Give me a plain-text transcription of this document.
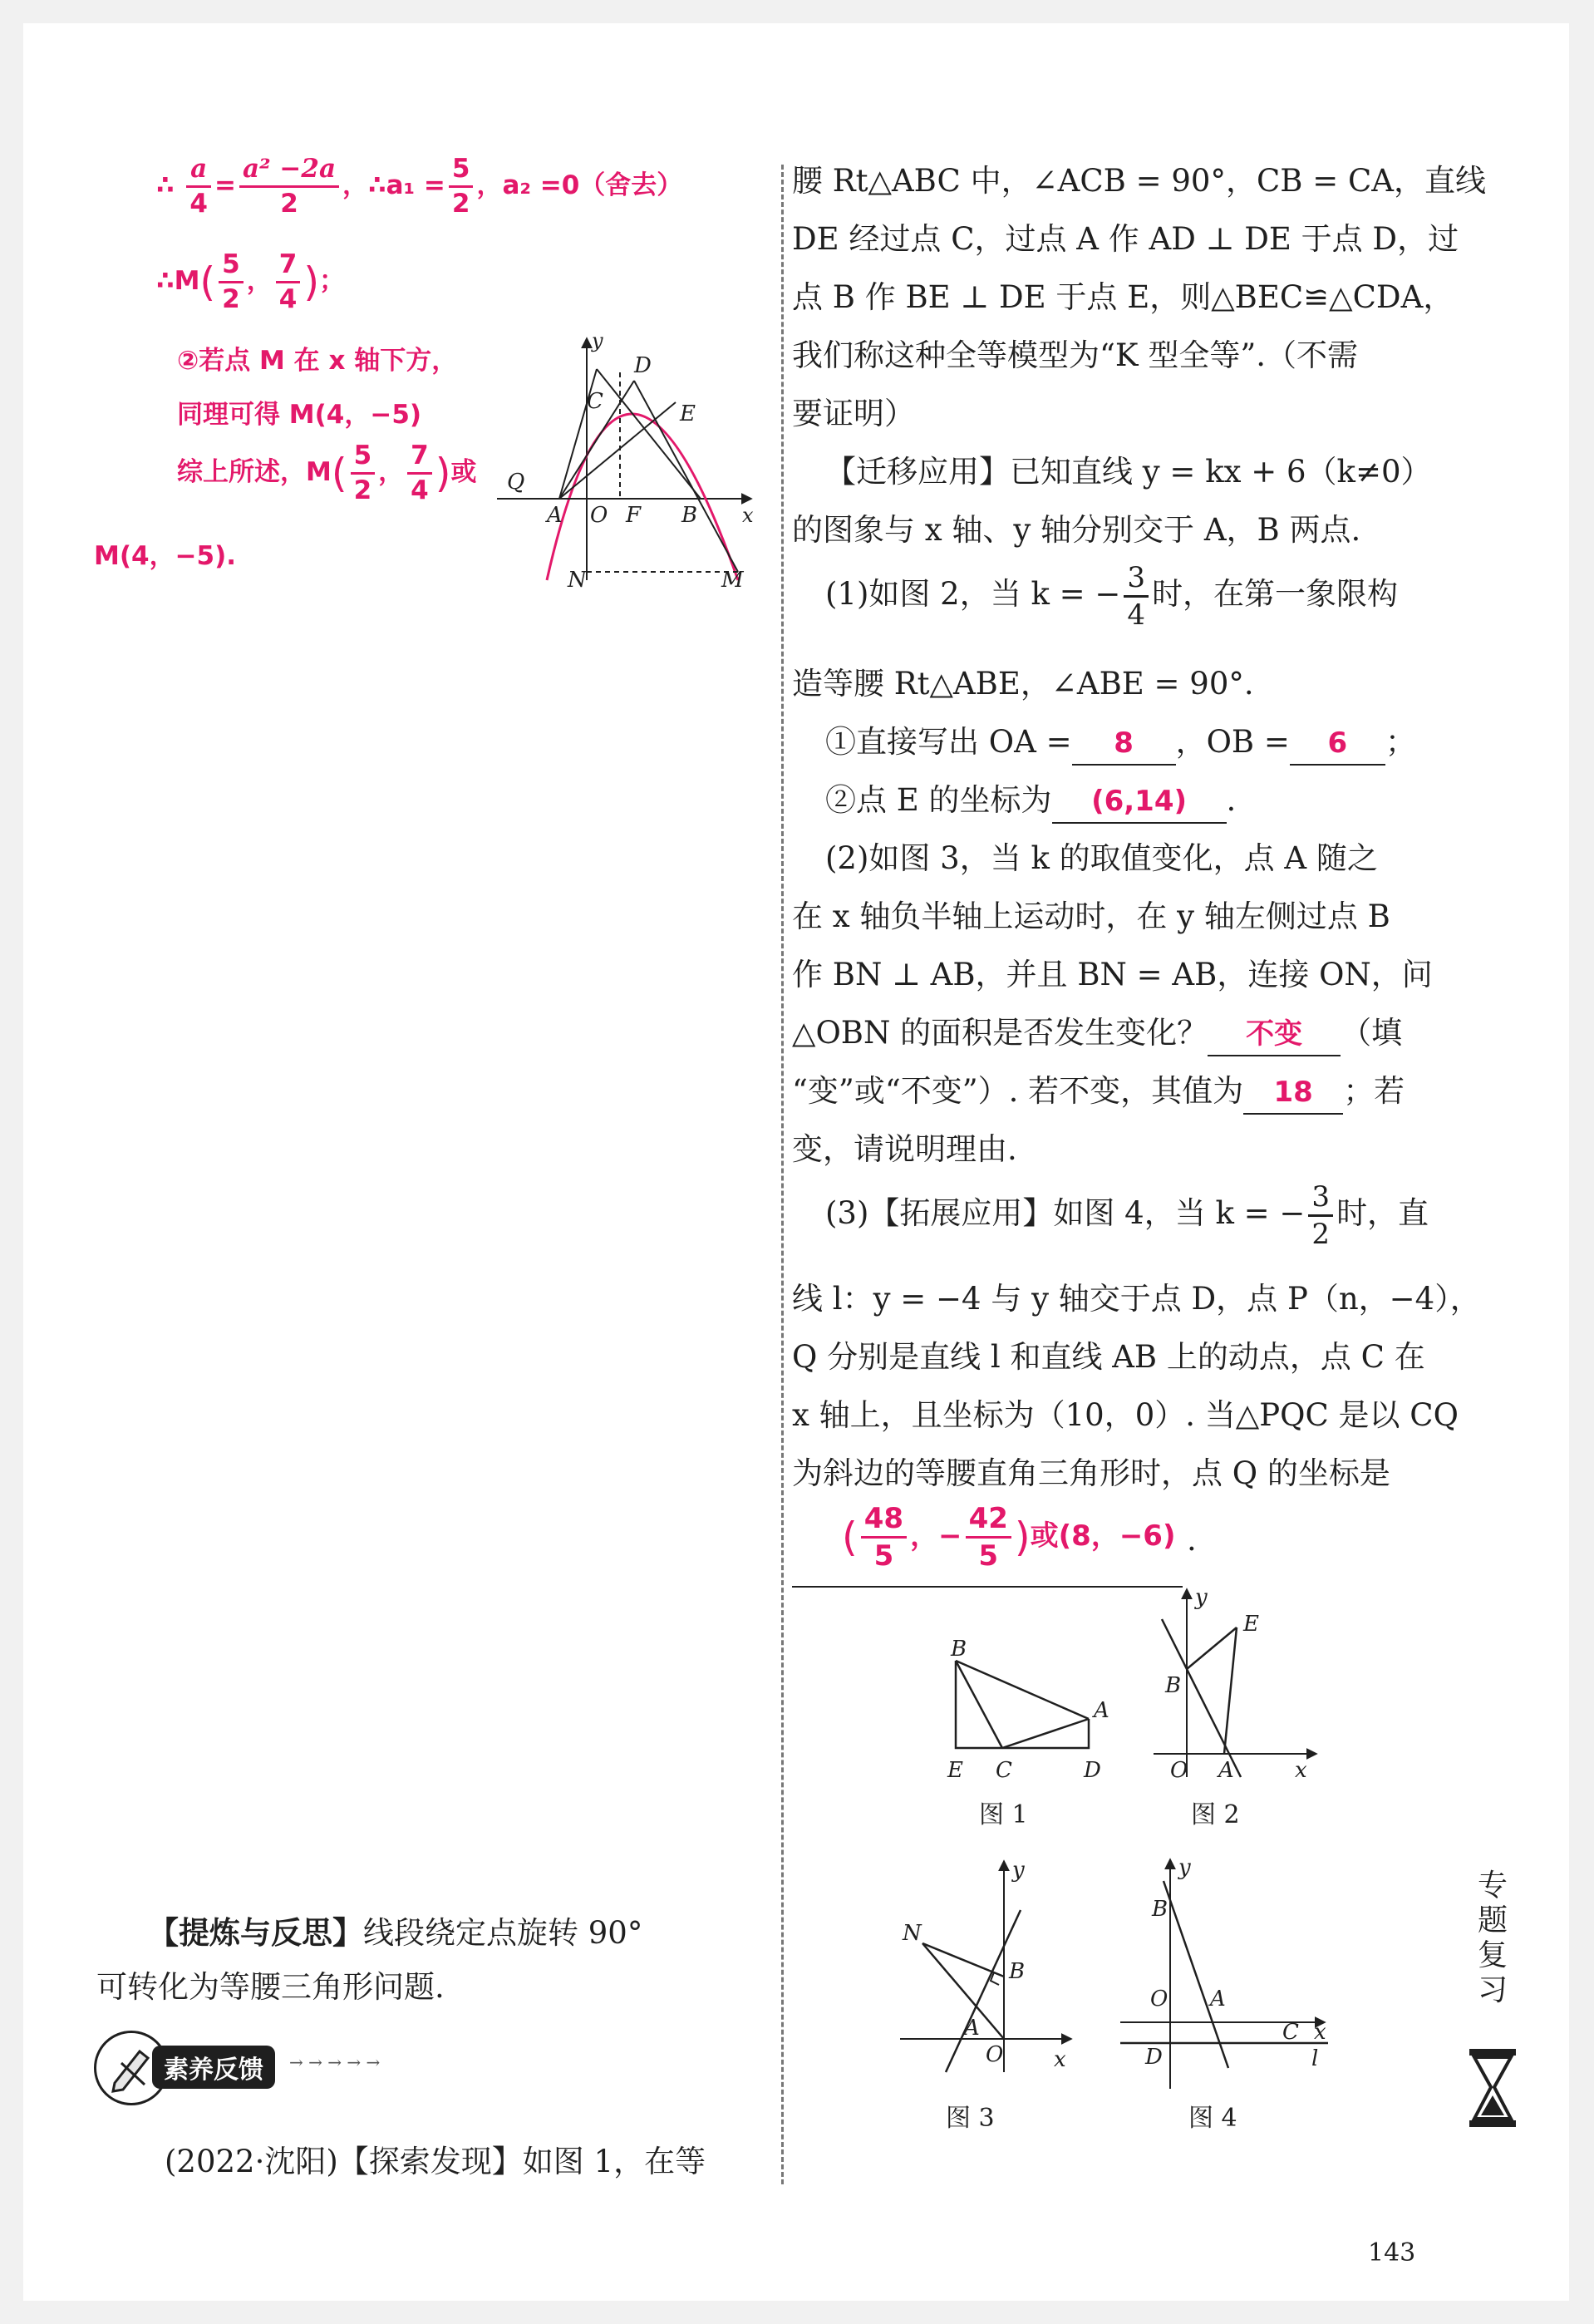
∴ $\frac{a}{4} = \frac{\text{a² −2a}}{2}$ ，∴a₁ = $\frac{5}{2}$ ，a₂ =0（舍去）
∴M( $\frac{5}{2}$ ， $\frac{7}{4}$ )；
②若点 M 在 x 轴下方，
同理可得 M(4，−5)
综上所述，$M( \frac{5}{2}$ ， $\frac{7}{4}$ )或
M(4，−5).
y
x
D
C	E
Q
A O F B
N	M
【提炼与反思】线段绕定点旋转 90°
可转化为等腰三角形问题.
素养反馈	→ → → → →
(2022·沈阳)【探索发现】如图 1，在等
腰 Rt△ABC 中，∠ACB = 90°，CB = CA，直线
DE 经过点 C，过点 A 作 AD ⊥ DE 于点 D，过
点 B 作 BE ⊥ DE 于点 E，则△BEC≌△CDA，
我们称这种全等模型为“K 型全等”.（不需
要证明）
【迁移应用】已知直线 y = kx + 6（k≠0）
的图象与 x 轴、y 轴分别交于 A，B 两点.
(1)如图 2，当 k = − $\frac{3}{4}$ 时，在第一象限构
造等腰 Rt△ABE，∠ABE = 90°.
①直接写出 OA = 8 ，OB = 6 ；
②点 E 的坐标为 (6,14) .
(2)如图 3，当 k 的取值变化，点 A 随之
在 x 轴负半轴上运动时，在 y 轴左侧过点 B
作 BN ⊥ AB，并且 BN = AB，连接 ON，问
△OBN 的面积是否发生变化？ 不变 （填
“变”或“不变”）. 若不变，其值为 18 ；若
变，请说明理由.
(3)【拓展应用】如图 4，当 k = − $\frac{3}{2}$ 时，直
线 l：y = −4 与 y 轴交于点 D，点 P（n，−4），
Q 分别是直线 l 和直线 AB 上的动点，点 C 在
x 轴上，且坐标为（10，0）. 当△PQC 是以 CQ
为斜边的等腰直角三角形时，点 Q 的坐标是
( $\frac{48}{5}$ ，− $\frac{42}{5}$ )或(8，−6) .
B
A
E C	D
图 1
y
E
B
O A	x
图 2
y
N
B
A
O x
图 3
y
B
O A
C x
D	l
图 4
专
题
复
习
143
